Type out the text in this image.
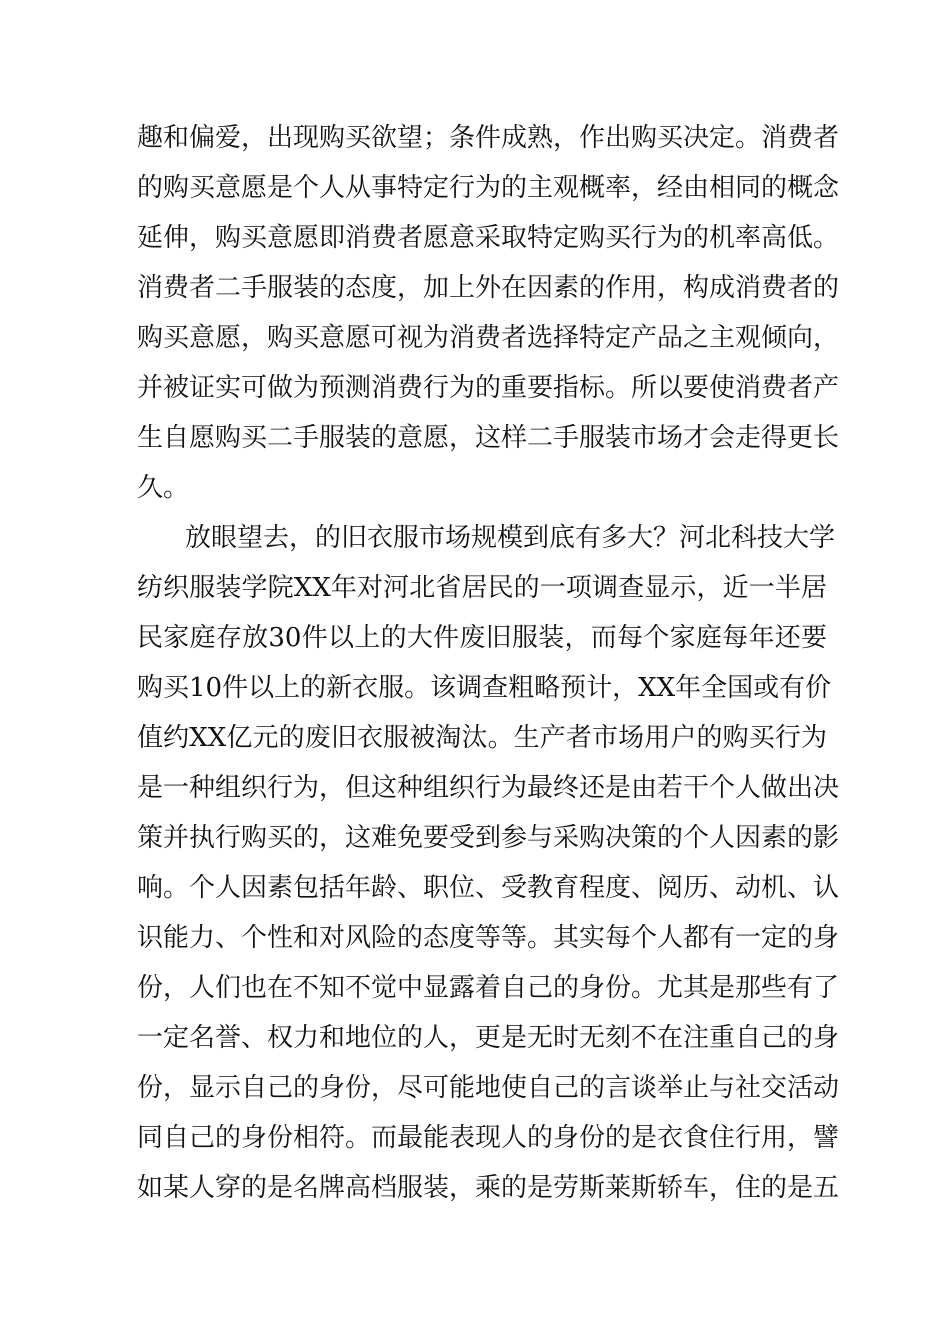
趣和偏爱，出现购买欲望；条件成熟，作出购买决定。消费者
的购买意愿是个人从事特定行为的主观概率，经由相同的概念
延伸，购买意愿即消费者愿意采取特定购买行为的机率高低。
消费者二手服装的态度，加上外在因素的作用，构成消费者的
购买意愿，购买意愿可视为消费者选择特定产品之主观倾向，
并被证实可做为预测消费行为的重要指标。所以要使消费者产
生自愿购买二手服装的意愿，这样二手服装市场才会走得更长
久。
放眼望去，的旧衣服市场规模到底有多大？河北科技大学
纺织服装学院XX年对河北省居民的一项调查显示，近一半居
民家庭存放30件以上的大件废旧服装，而每个家庭每年还要
购买10件以上的新衣服。该调查粗略预计，XX年全国或有价
值约XX亿元的废旧衣服被淘汰。生产者市场用户的购买行为
是一种组织行为，但这种组织行为最终还是由若干个人做出决
策并执行购买的，这难免要受到参与采购决策的个人因素的影
响。个人因素包括年龄、职位、受教育程度、阅历、动机、认
识能力、个性和对风险的态度等等。其实每个人都有一定的身
份，人们也在不知不觉中显露着自己的身份。尤其是那些有了
一定名誉、权力和地位的人，更是无时无刻不在注重自己的身
份，显示自己的身份，尽可能地使自己的言谈举止与社交活动
同自己的身份相符。而最能表现人的身份的是衣食住行用，譬
如某人穿的是名牌高档服装，乘的是劳斯莱斯轿车，住的是五
